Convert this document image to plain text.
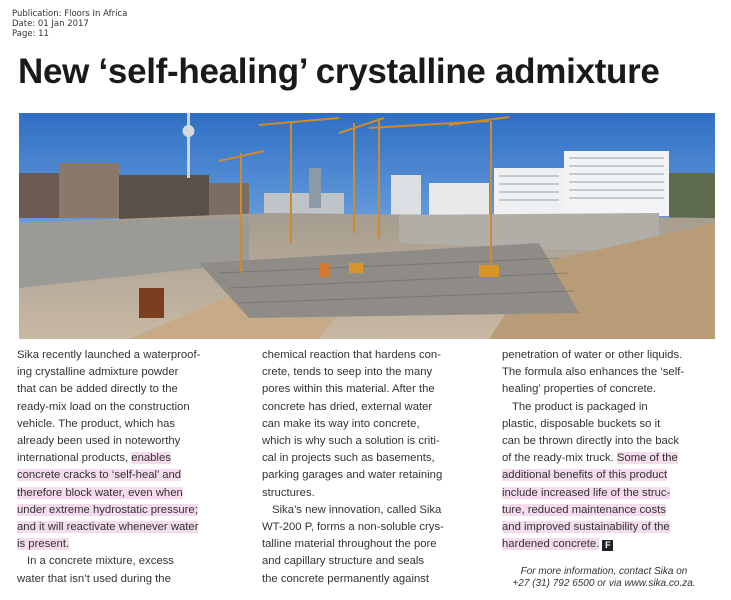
Publication: Floors In Africa
Date: 01 Jan 2017
Page: 11
New ‘self-healing’ crystalline admixture

Sika recently launched a waterproof-

ing crystalline admixture powder

that can be added directly to the

ready-mix load on the construction

vehicle. The product, which has

already been used in noteworthy

international products, enables

concrete cracks to ‘self-heal’ and

therefore block water, even when

under extreme hydrostatic pressure;

and it will reactivate whenever water

is present.

In a concrete mixture, excess

water that isn’t used during the

chemical reaction that hardens con-

crete, tends to seep into the many

pores within this material. After the

concrete has dried, external water

can make its way into concrete,

which is why such a solution is criti-

cal in projects such as basements,

parking garages and water retaining

structures.

Sika’s new innovation, called Sika

WT-200 P, forms a non-soluble crys-

talline material throughout the pore

and capillary structure and seals

the concrete permanently against

penetration of water or other liquids.

The formula also enhances the ‘self-

healing’ properties of concrete.

The product is packaged in

plastic, disposable buckets so it

can be thrown directly into the back

of the ready-mix truck. Some of the

additional benefits of this product

include increased life of the struc-

ture, reduced maintenance costs

and improved sustainability of the

hardened concrete. F

For more information, contact Sika on
+27 (31) 792 6500 or via www.sika.co.za.
